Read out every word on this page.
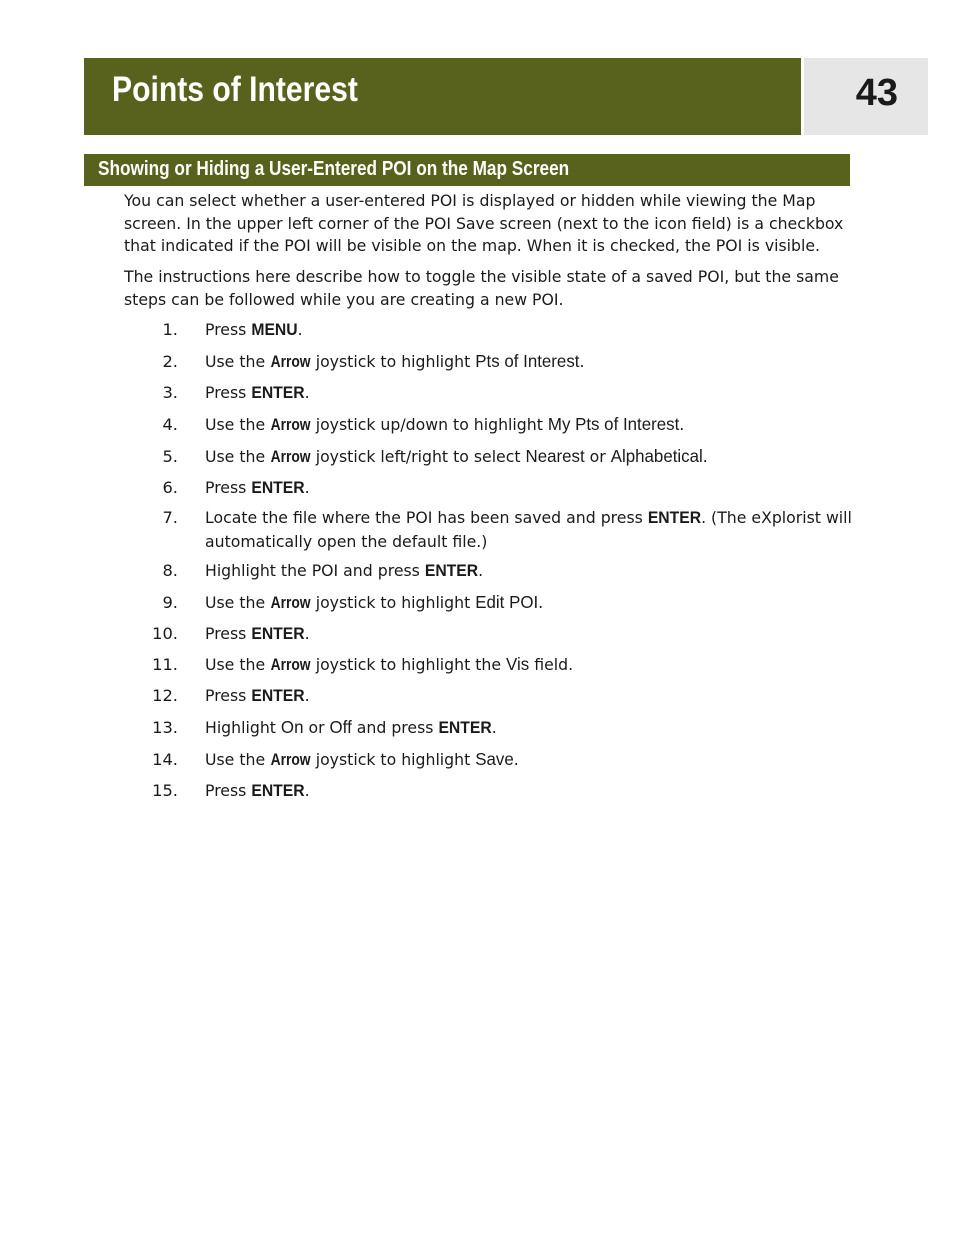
Points of Interest	43
Showing or Hiding a User-Entered POI on the Map Screen

You can select whether a user-entered POI is displayed or hidden while viewing the Map screen. In the upper left corner of the POI Save screen (next to the icon field) is a checkbox that indicated if the POI will be visible on the map. When it is checked, the POI is visible.

The instructions here describe how to toggle the visible state of a saved POI, but the same steps can be followed while you are creating a new POI.

1. Press MENU.
2. Use the Arrow joystick to highlight Pts of Interest.
3. Press ENTER.
4. Use the Arrow joystick up/down to highlight My Pts of Interest.
5. Use the Arrow joystick left/right to select Nearest or Alphabetical.
6. Press ENTER.
7. Locate the file where the POI has been saved and press ENTER. (The eXplorist will automatically open the default file.)
8. Highlight the POI and press ENTER.
9. Use the Arrow joystick to highlight Edit POI.
10. Press ENTER.
11. Use the Arrow joystick to highlight the Vis field.
12. Press ENTER.
13. Highlight On or Off and press ENTER.
14. Use the Arrow joystick to highlight Save.
15. Press ENTER.
